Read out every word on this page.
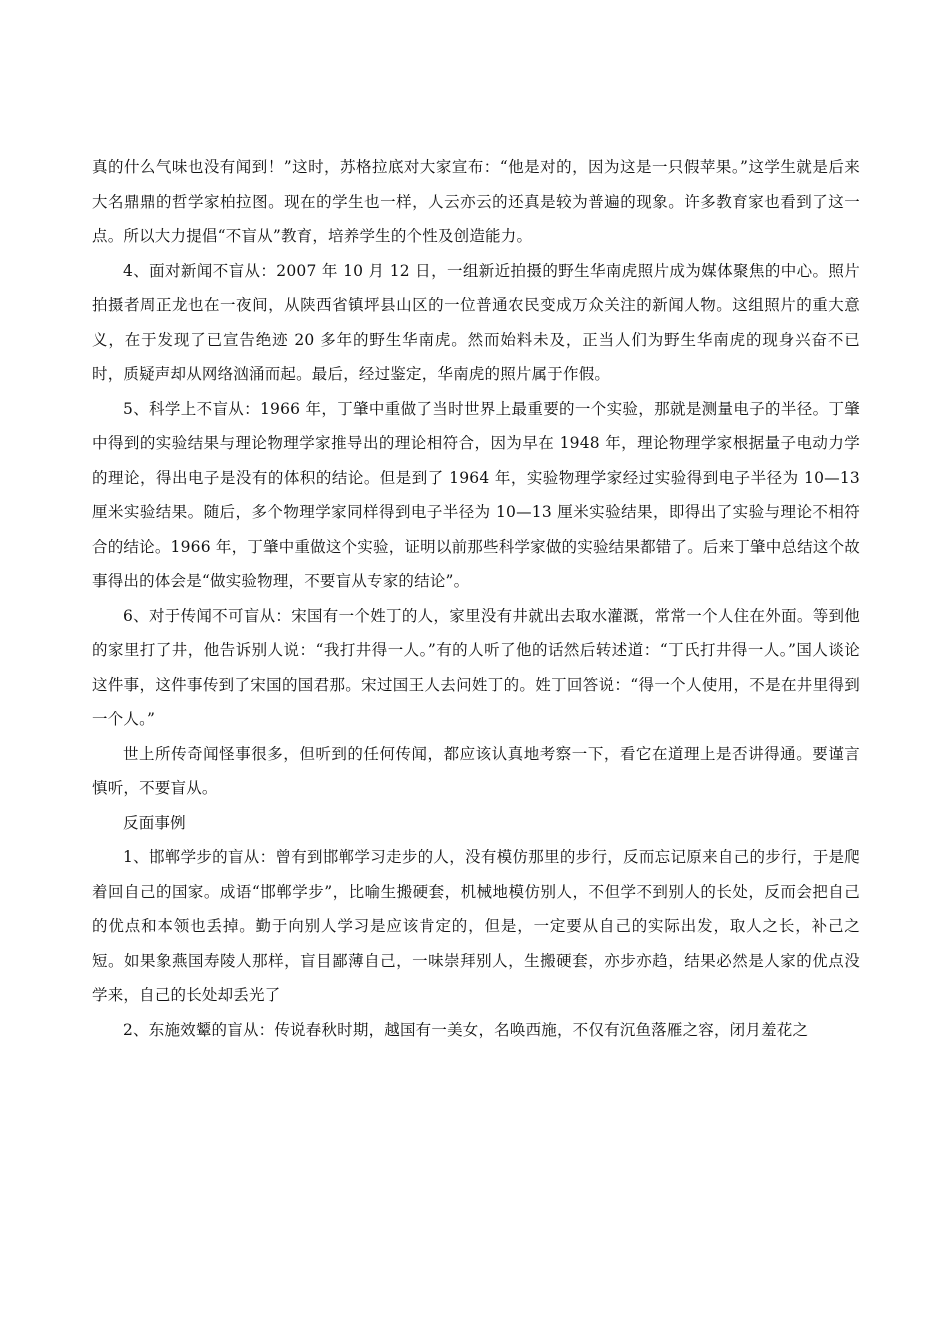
真的什么气味也没有闻到！”这时，苏格拉底对大家宣布：“他是对的，因为这是一只假苹果。”这学生就是后来大名鼎鼎的哲学家柏拉图。现在的学生也一样，人云亦云的还真是较为普遍的现象。许多教育家也看到了这一点。所以大力提倡“不盲从”教育，培养学生的个性及创造能力。

4、面对新闻不盲从：2007 年 10 月 12 日，一组新近拍摄的野生华南虎照片成为媒体聚焦的中心。照片拍摄者周正龙也在一夜间，从陕西省镇坪县山区的一位普通农民变成万众关注的新闻人物。这组照片的重大意义，在于发现了已宣告绝迹 20 多年的野生华南虎。然而始料未及，正当人们为野生华南虎的现身兴奋不已时，质疑声却从网络汹涌而起。最后，经过鉴定，华南虎的照片属于作假。

5、科学上不盲从：1966 年，丁肇中重做了当时世界上最重要的一个实验，那就是测量电子的半径。丁肇中得到的实验结果与理论物理学家推导出的理论相符合，因为早在 1948 年，理论物理学家根据量子电动力学的理论，得出电子是没有的体积的结论。但是到了 1964 年，实验物理学家经过实验得到电子半径为 10—13 厘米实验结果。随后，多个物理学家同样得到电子半径为 10—13 厘米实验结果，即得出了实验与理论不相符合的结论。1966 年，丁肇中重做这个实验，证明以前那些科学家做的实验结果都错了。后来丁肇中总结这个故事得出的体会是“做实验物理，不要盲从专家的结论”。

6、对于传闻不可盲从：宋国有一个姓丁的人，家里没有井就出去取水灌溉，常常一个人住在外面。等到他的家里打了井，他告诉别人说：“我打井得一人。”有的人听了他的话然后转述道：“丁氏打井得一人。”国人谈论这件事，这件事传到了宋国的国君那。宋过国王人去问姓丁的。姓丁回答说：“得一个人使用，不是在井里得到一个人。”

世上所传奇闻怪事很多，但听到的任何传闻，都应该认真地考察一下，看它在道理上是否讲得通。要谨言慎听，不要盲从。

反面事例

1、邯郸学步的盲从：曾有到邯郸学习走步的人，没有模仿那里的步行，反而忘记原来自己的步行，于是爬着回自己的国家。成语“邯郸学步”，比喻生搬硬套，机械地模仿别人，不但学不到别人的长处，反而会把自己的优点和本领也丢掉。勤于向别人学习是应该肯定的，但是，一定要从自己的实际出发，取人之长，补己之短。如果象燕国寿陵人那样，盲目鄙薄自己，一味崇拜别人，生搬硬套，亦步亦趋，结果必然是人家的优点没学来，自己的长处却丢光了

2、东施效颦的盲从：传说春秋时期，越国有一美女，名唤西施，不仅有沉鱼落雁之容，闭月羞花之
